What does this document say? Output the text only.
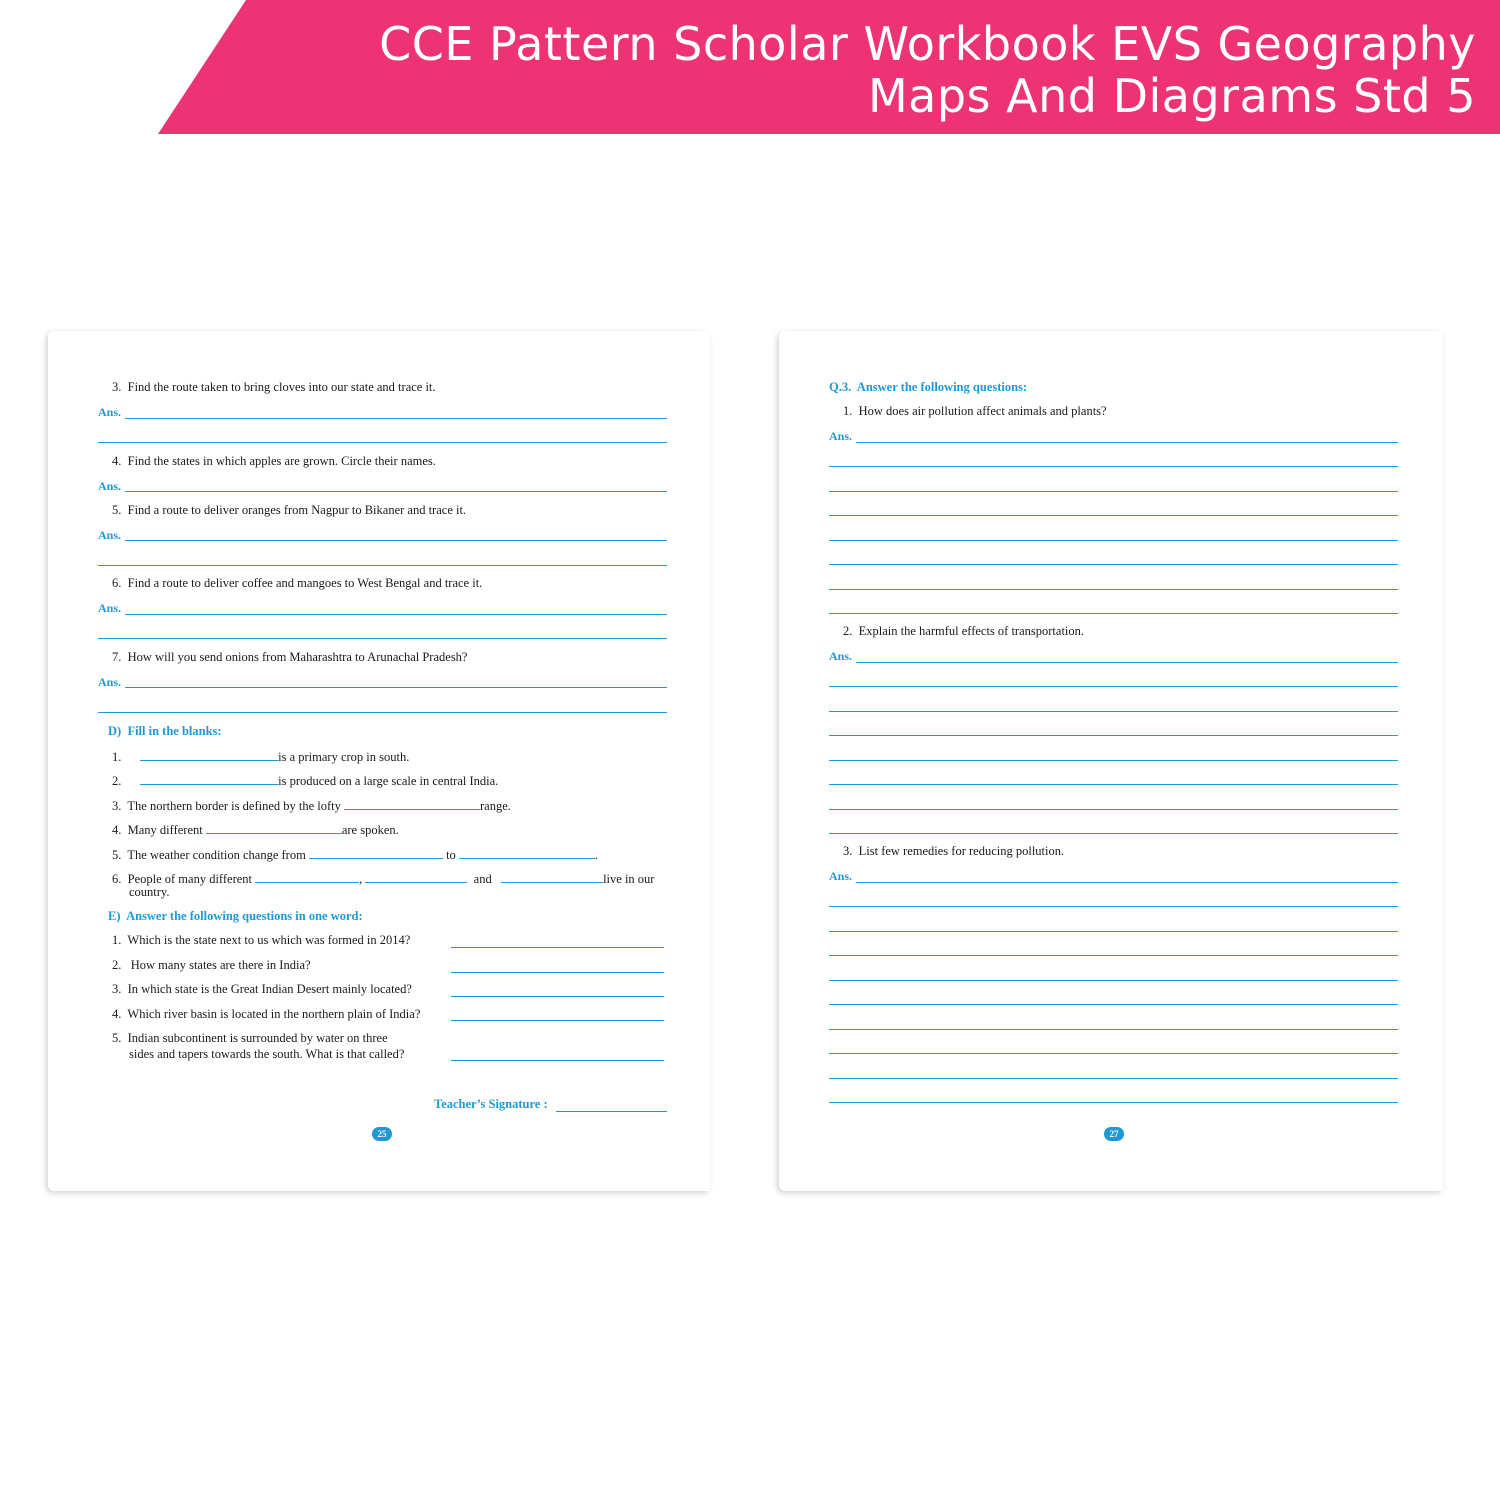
CCE Pattern Scholar Workbook EVS Geography
Maps And Diagrams Std 5
3. Find the route taken to bring cloves into our state and trace it.
Ans.
4. Find the states in which apples are grown. Circle their names.
Ans.
5. Find a route to deliver oranges from Nagpur to Bikaner and trace it.
Ans.
6. Find a route to deliver coffee and mangoes to West Bengal and trace it.
Ans.
7. How will you send onions from Maharashtra to Arunachal Pradesh?
Ans.
D) Fill in the blanks:
1.	is a primary crop in south.
2.	is produced on a large scale in central India.
3. The northern border is defined by the lofty	range.
4. Many different	are spoken.
5. The weather condition change from	to	.
6. People of many different	,	and	live in our
country.
E) Answer the following questions in one word:
1. Which is the state next to us which was formed in 2014?
2. How many states are there in India?
3. In which state is the Great Indian Desert mainly located?
4. Which river basin is located in the northern plain of India?
5. Indian subcontinent is surrounded by water on three
sides and tapers towards the south. What is that called?
Teacher’s Signature :
25
Q.3. Answer the following questions:
1. How does air pollution affect animals and plants?
Ans.
2. Explain the harmful effects of transportation.
Ans.
3. List few remedies for reducing pollution.
Ans.
27
